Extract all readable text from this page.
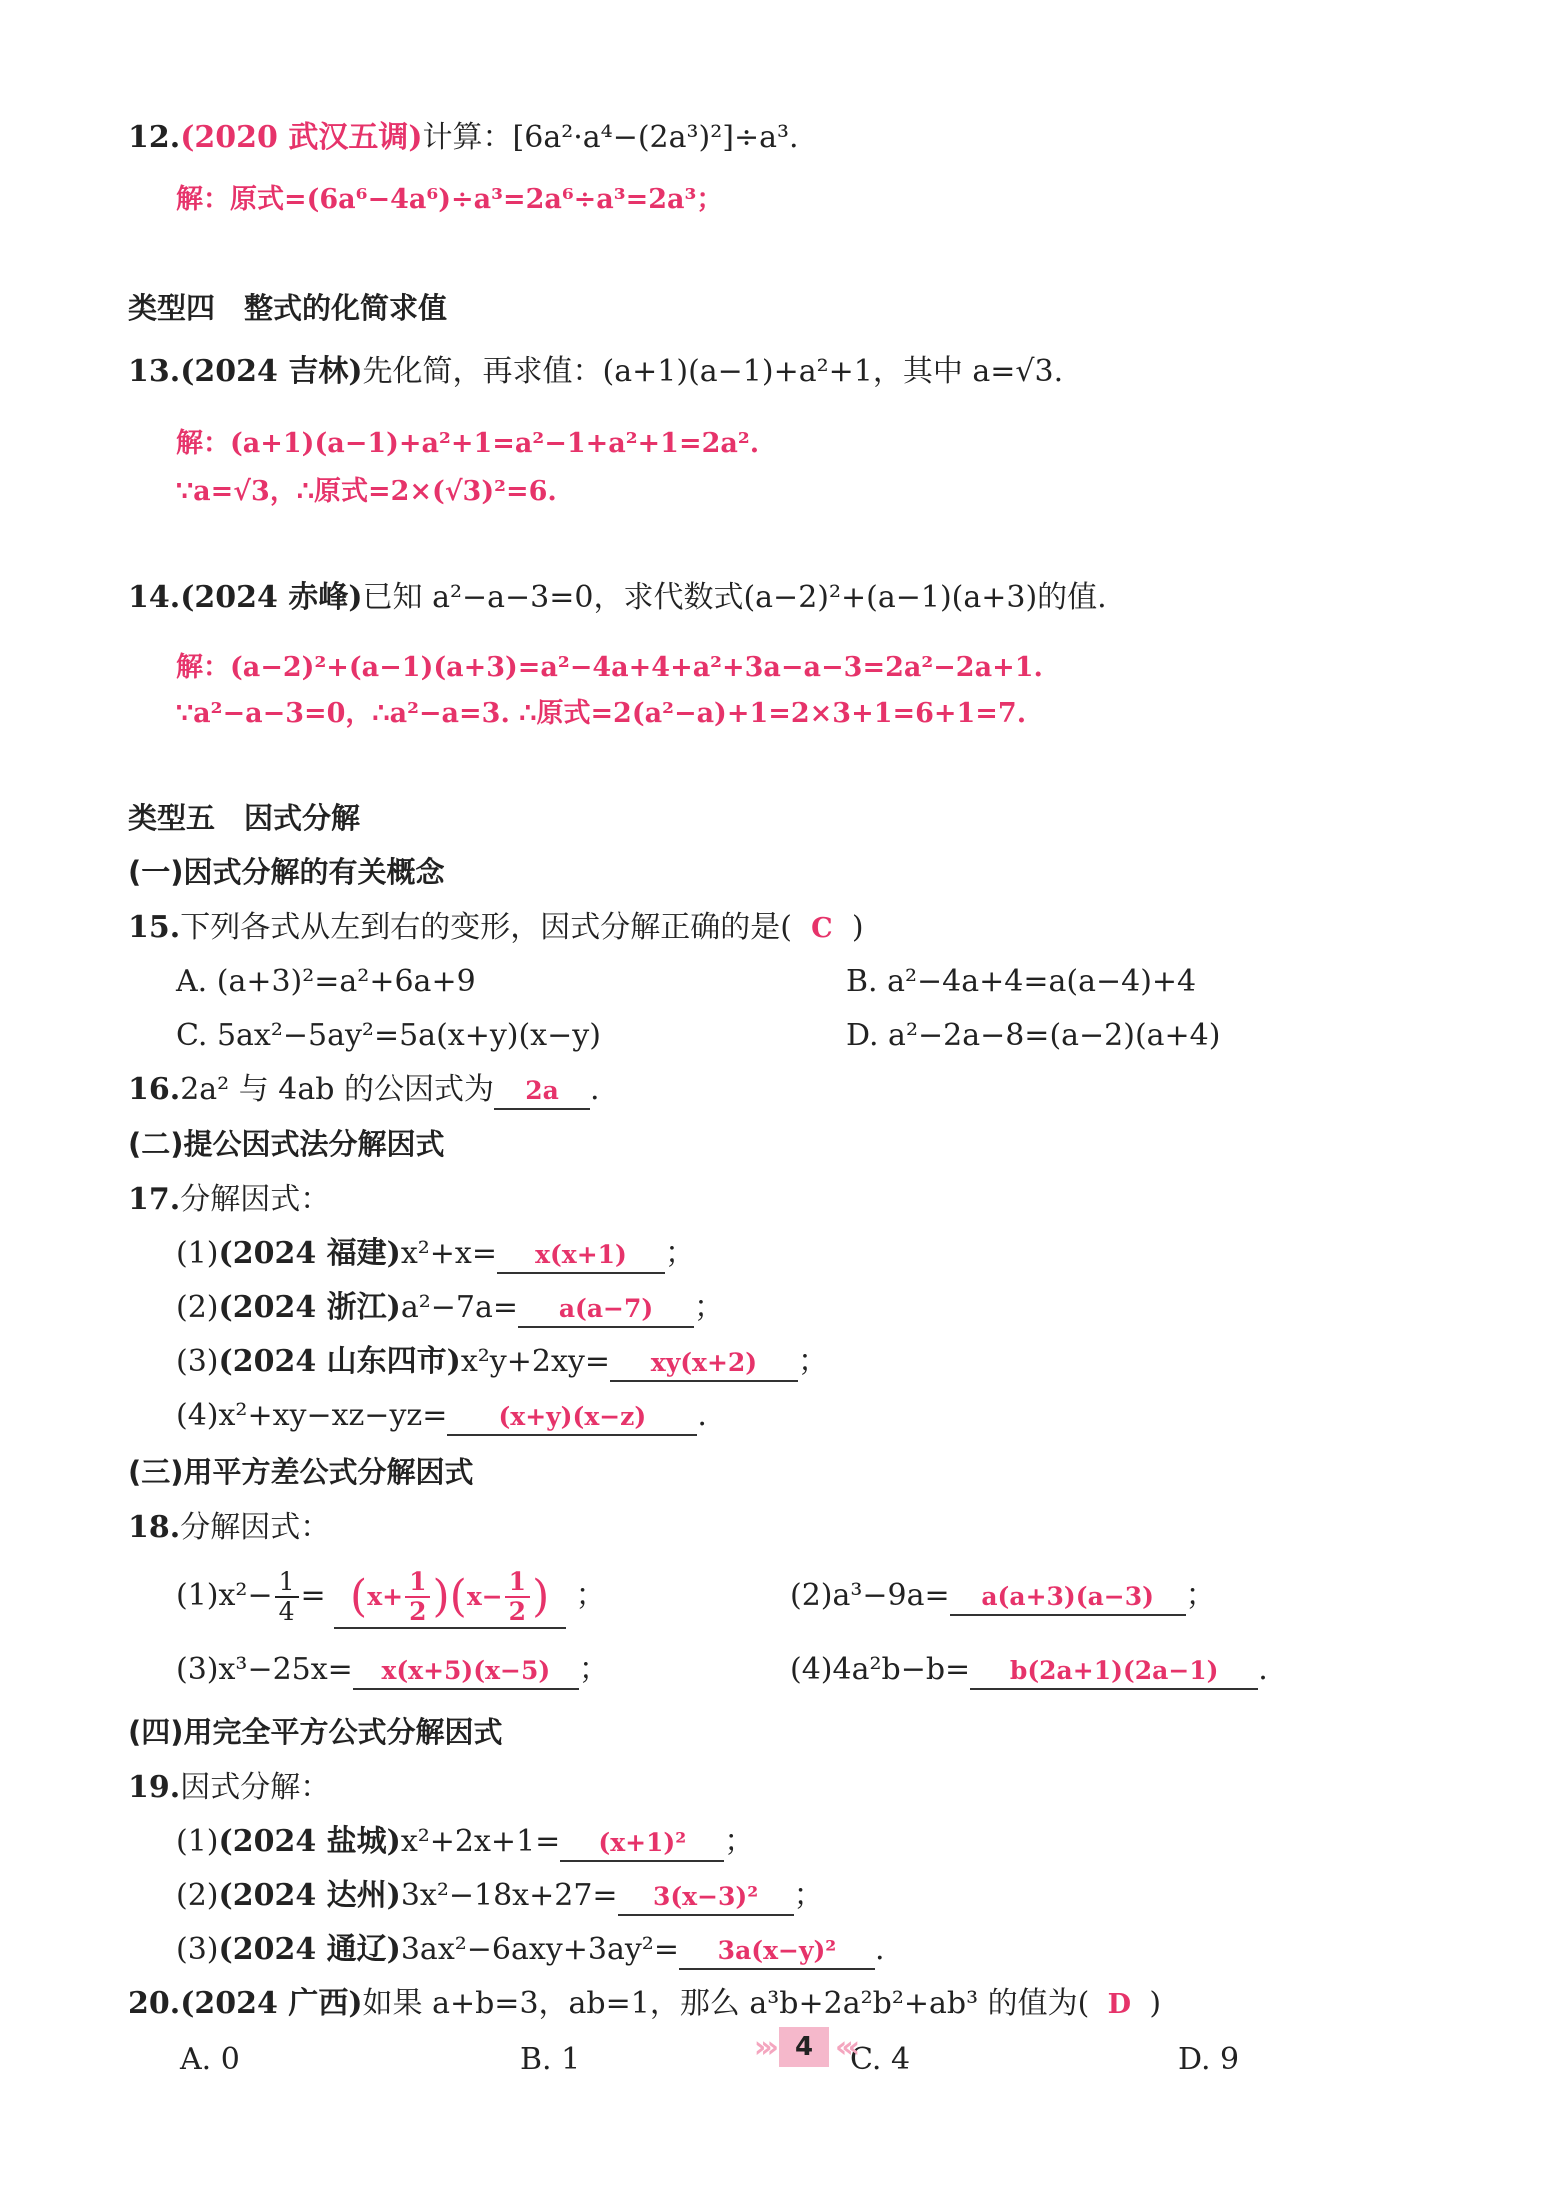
12.(2020 武汉五调)计算：[6a²·a⁴−(2a³)²]÷a³.
解：原式=(6a⁶−4a⁶)÷a³=2a⁶÷a³=2a³；
类型四　整式的化简求值
13.(2024 吉林)先化简，再求值：(a+1)(a−1)+a²+1，其中 a=√3.
解：(a+1)(a−1)+a²+1=a²−1+a²+1=2a².
∵a=√3，∴原式=2×(√3)²=6.
14.(2024 赤峰)已知 a²−a−3=0，求代数式(a−2)²+(a−1)(a+3)的值.
解：(a−2)²+(a−1)(a+3)=a²−4a+4+a²+3a−a−3=2a²−2a+1.
∵a²−a−3=0，∴a²−a=3. ∴原式=2(a²−a)+1=2×3+1=6+1=7.
类型五　因式分解
(一)因式分解的有关概念
15.下列各式从左到右的变形，因式分解正确的是( C )
A. (a+3)²=a²+6a+9	B. a²−4a+4=a(a−4)+4
C. 5ax²−5ay²=5a(x+y)(x−y)	D. a²−2a−8=(a−2)(a+4)
16.2a² 与 4ab 的公因式为 2a .
(二)提公因式法分解因式
17.分解因式：
(1)(2024 福建)x²+x= x(x+1) ；
(2)(2024 浙江)a²−7a= a(a−7) ；
(3)(2024 山东四市)x²y+2xy= xy(x+2) ；
(4)x²+xy−xz−yz= (x+y)(x−z) .
(三)用平方差公式分解因式
18.分解因式：
$(1)x^2- \frac{1}{4} = (x+ \frac{1}{2} )(x- \frac{1}{2}$ ) ；	(2)a³−9a= a(a+3)(a−3) ；
(3)x³−25x= x(x+5)(x−5) ；	(4)4a²b−b= b(2a+1)(2a−1) .
(四)用完全平方公式分解因式
19.因式分解：
(1)(2024 盐城)x²+2x+1= (x+1)² ；
(2)(2024 达州)3x²−18x+27= 3(x−3)² ；
(3)(2024 通辽)3ax²−6axy+3ay²= 3a(x−y)² .
20.(2024 广西)如果 a+b=3，ab=1，那么 a³b+2a²b²+ab³ 的值为( D )
A. 0	B. 1	C. 4	D. 9
››› 4 ‹‹‹
